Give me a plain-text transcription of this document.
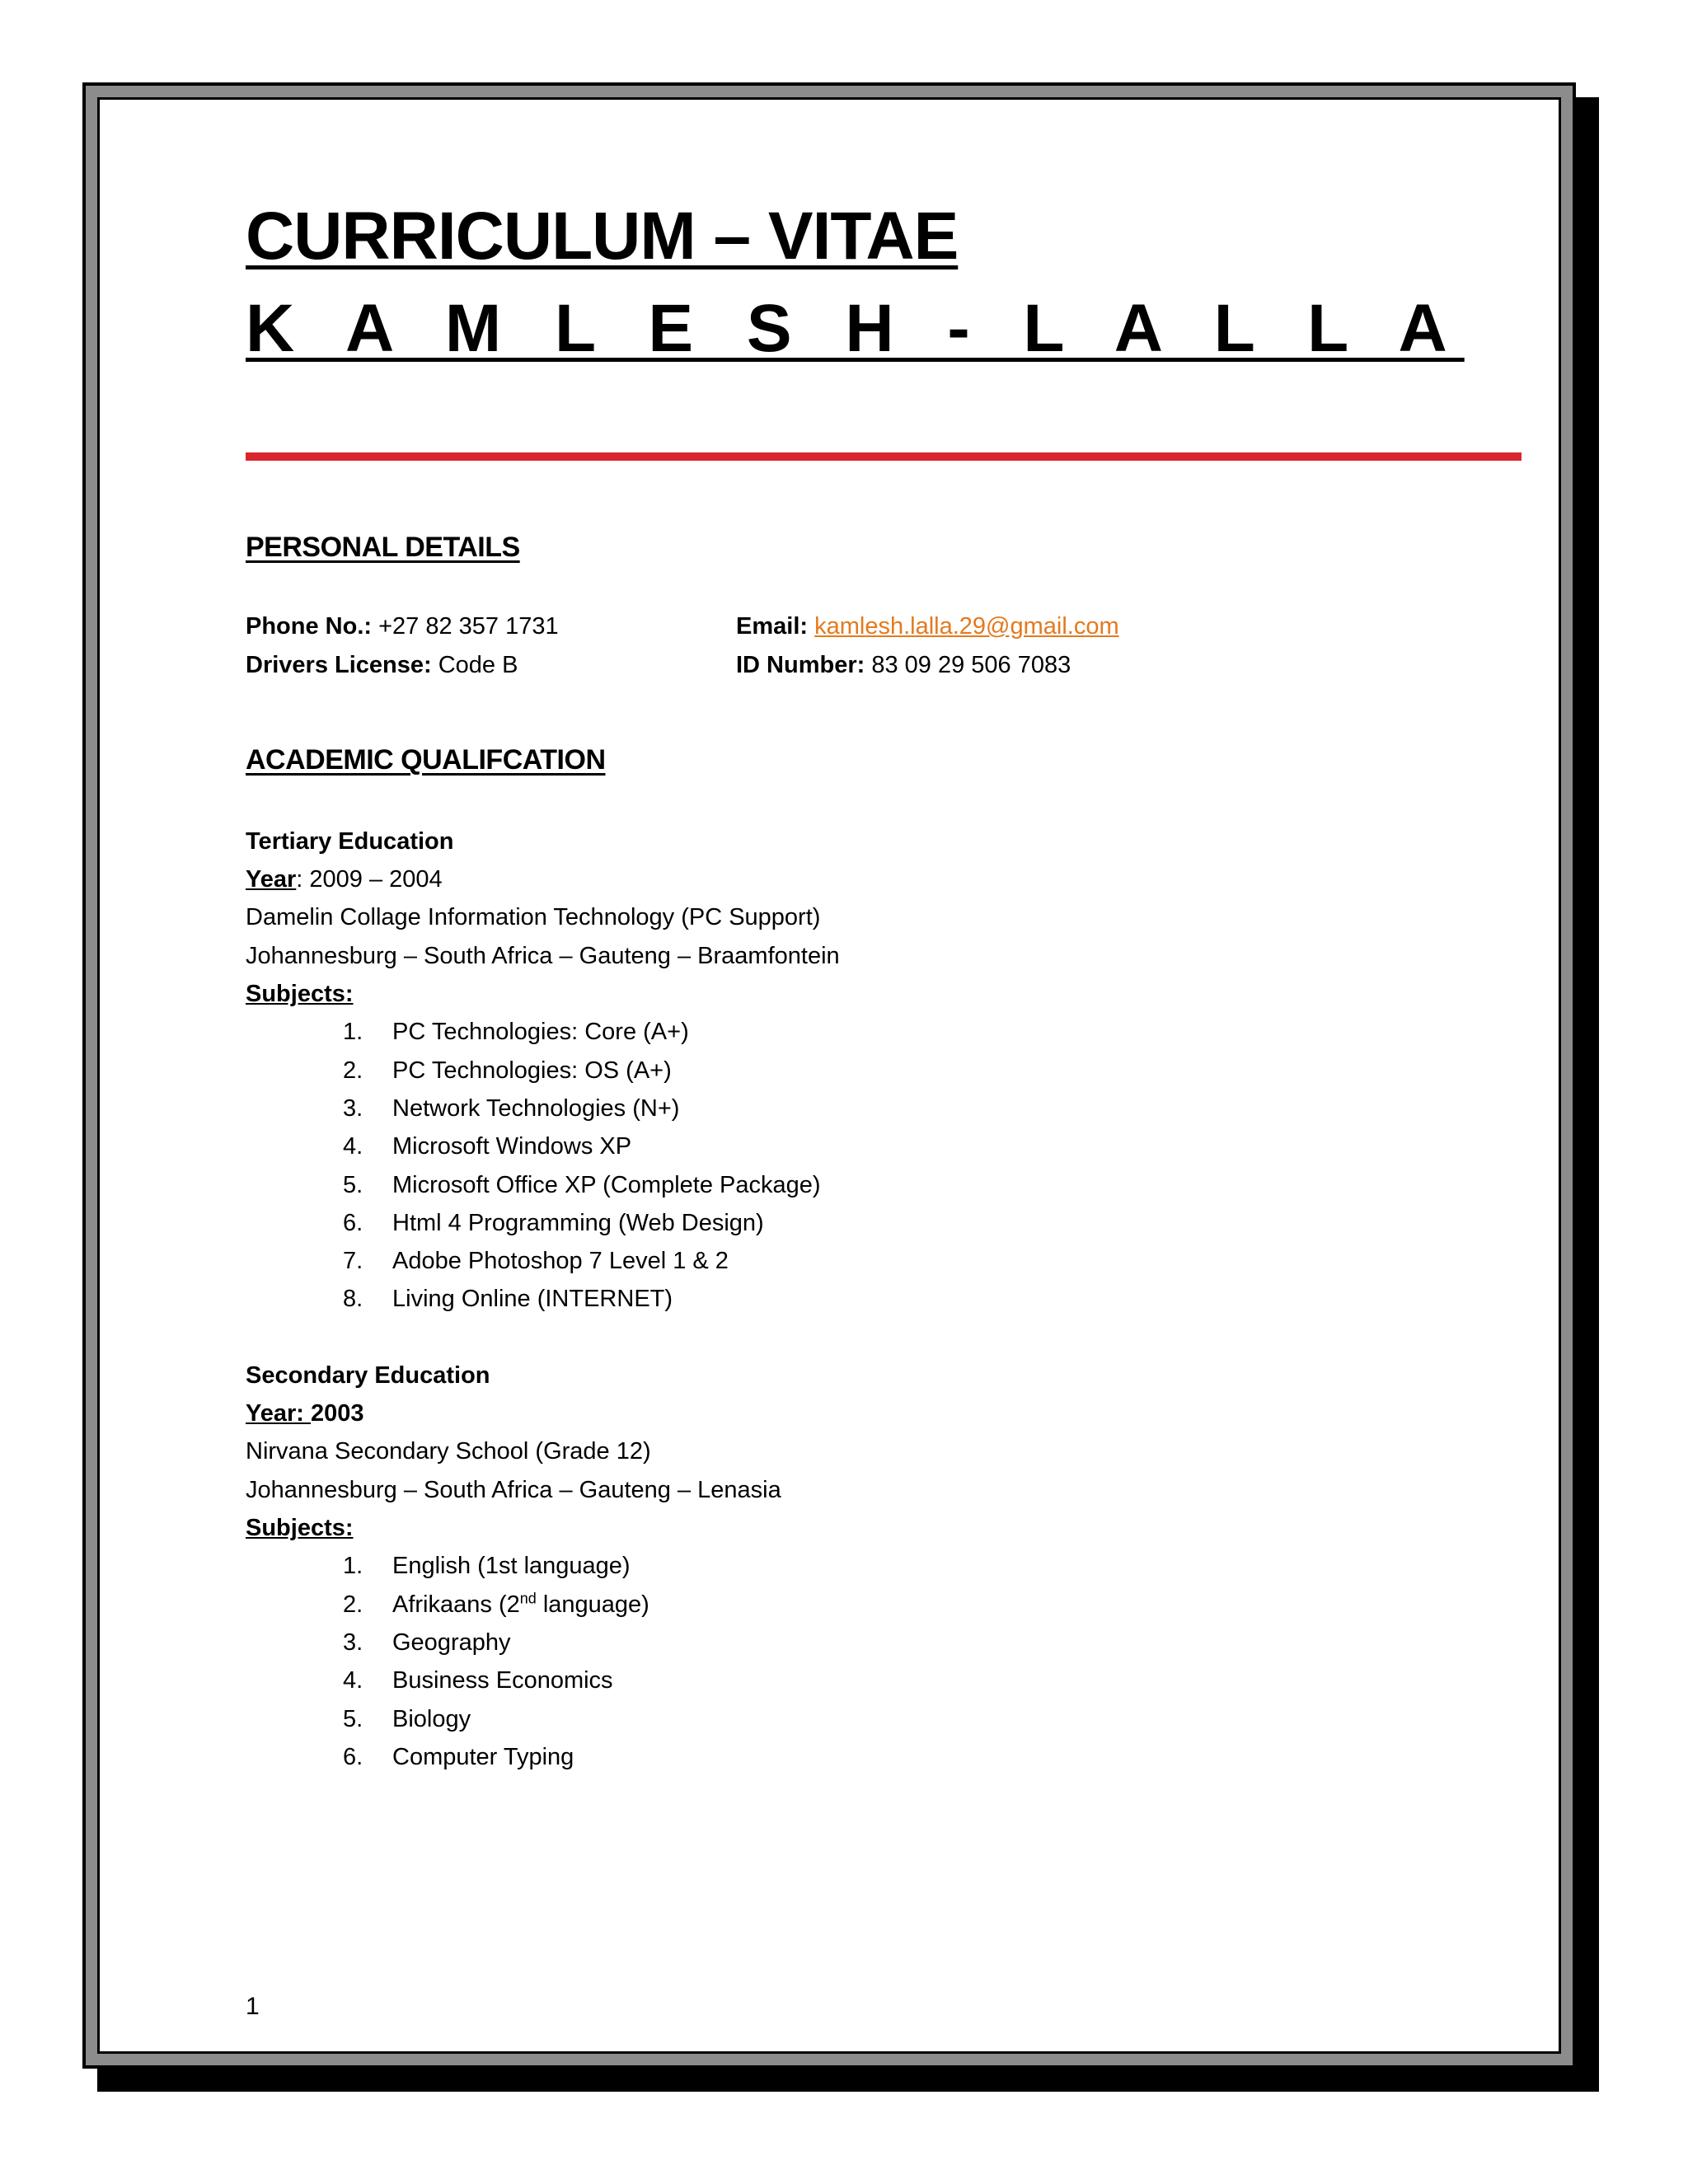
CURRICULUM – VITAE
K A M L E S H - L A L L A
PERSONAL DETAILS
Phone No.: +27 82 357 1731	Email: kamlesh.lalla.29@gmail.com
Drivers License: Code B	ID Number: 83 09 29 506 7083
ACADEMIC QUALIFCATION
Tertiary Education
Year: 2009 – 2004
Damelin Collage Information Technology (PC Support)
Johannesburg – South Africa – Gauteng – Braamfontein
Subjects:
1.	PC Technologies: Core (A+)
2.	PC Technologies: OS (A+)
3.	Network Technologies (N+)
4.	Microsoft Windows XP
5.	Microsoft Office XP (Complete Package)
6.	Html 4 Programming (Web Design)
7.	Adobe Photoshop 7 Level 1 & 2
8.	Living Online (INTERNET)
Secondary Education
Year: 2003
Nirvana Secondary School (Grade 12)
Johannesburg – South Africa – Gauteng – Lenasia
Subjects:
1.	English (1st language)
2.	Afrikaans (2nd language)
3.	Geography
4.	Business Economics
5.	Biology
6.	Computer Typing
1
